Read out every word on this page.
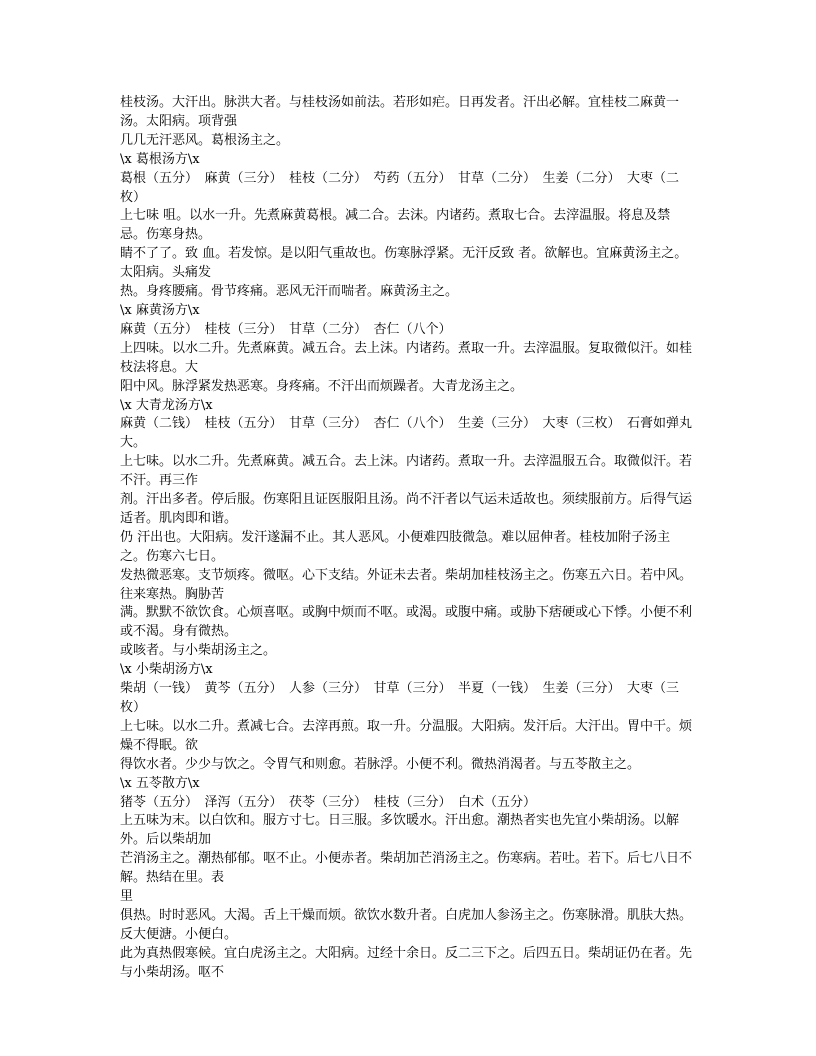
桂枝汤。大汗出。脉洪大者。与桂枝汤如前法。若形如疟。日再发者。汗出必解。宜桂枝二麻黄一汤。太阳病。项背强

几几无汗恶风。葛根汤主之。

\x 葛根汤方\x

葛根（五分）　麻黄（三分）　桂枝（二分）　芍药（五分）　甘草（二分）　生姜（二分）　大枣（二枚）

上七味 咀。以水一升。先煮麻黄葛根。减二合。去沫。内诸药。煮取七合。去滓温服。将息及禁忌。伤寒身热。

睛不了了。致 血。若发惊。是以阳气重故也。伤寒脉浮紧。无汗反致 者。欲解也。宜麻黄汤主之。太阳病。头痛发

热。身疼腰痛。骨节疼痛。恶风无汗而喘者。麻黄汤主之。

\x 麻黄汤方\x

麻黄（五分）　桂枝（三分）　甘草（二分）　杏仁（八个）

上四味。以水二升。先煮麻黄。减五合。去上沫。内诸药。煮取一升。去滓温服。复取微似汗。如桂枝法将息。大

阳中风。脉浮紧发热恶寒。身疼痛。不汗出而烦躁者。大青龙汤主之。

\x 大青龙汤方\x

麻黄（二钱）　桂枝（五分）　甘草（三分）　杏仁（八个）　生姜（三分）　大枣（三枚）　石膏如弹丸大。

上七味。以水二升。先煮麻黄。减五合。去上沫。内诸药。煮取一升。去滓温服五合。取微似汗。若不汗。再三作

剂。汗出多者。停后服。伤寒阳且证医服阳且汤。尚不汗者以气运未适故也。须续服前方。后得气运适者。肌肉即和谐。

仍 汗出也。大阳病。发汗遂漏不止。其人恶风。小便难四肢微急。难以屈伸者。桂枝加附子汤主之。伤寒六七日。

发热微恶寒。支节烦疼。微呕。心下支结。外证未去者。柴胡加桂枝汤主之。伤寒五六日。若中风。往来寒热。胸胁苦

满。默默不欲饮食。心烦喜呕。或胸中烦而不呕。或渴。或腹中痛。或胁下痞硬或心下悸。小便不利或不渴。身有微热。

或咳者。与小柴胡汤主之。

\x 小柴胡汤方\x

柴胡（一钱）　黄芩（五分）　人参（三分）　甘草（三分）　半夏（一钱）　生姜（三分）　大枣（三枚）

上七味。以水二升。煮减七合。去滓再煎。取一升。分温服。大阳病。发汗后。大汗出。胃中干。烦燥不得眠。欲

得饮水者。少少与饮之。令胃气和则愈。若脉浮。小便不利。微热消渴者。与五苓散主之。

\x 五苓散方\x

猪苓（五分）　泽泻（五分）　茯苓（三分）　桂枝（三分）　白术（五分）

上五味为末。以白饮和。服方寸七。日三服。多饮暖水。汗出愈。潮热者实也先宜小柴胡汤。以解外。后以柴胡加

芒消汤主之。潮热郁郁。呕不止。小便赤者。柴胡加芒消汤主之。伤寒病。若吐。若下。后七八日不解。热结在里。表

里

俱热。时时恶风。大渴。舌上干燥而烦。欲饮水数升者。白虎加人参汤主之。伤寒脉滑。肌肤大热。反大便溏。小便白。

此为真热假寒候。宜白虎汤主之。大阳病。过经十余日。反二三下之。后四五日。柴胡证仍在者。先与小柴胡汤。呕不
